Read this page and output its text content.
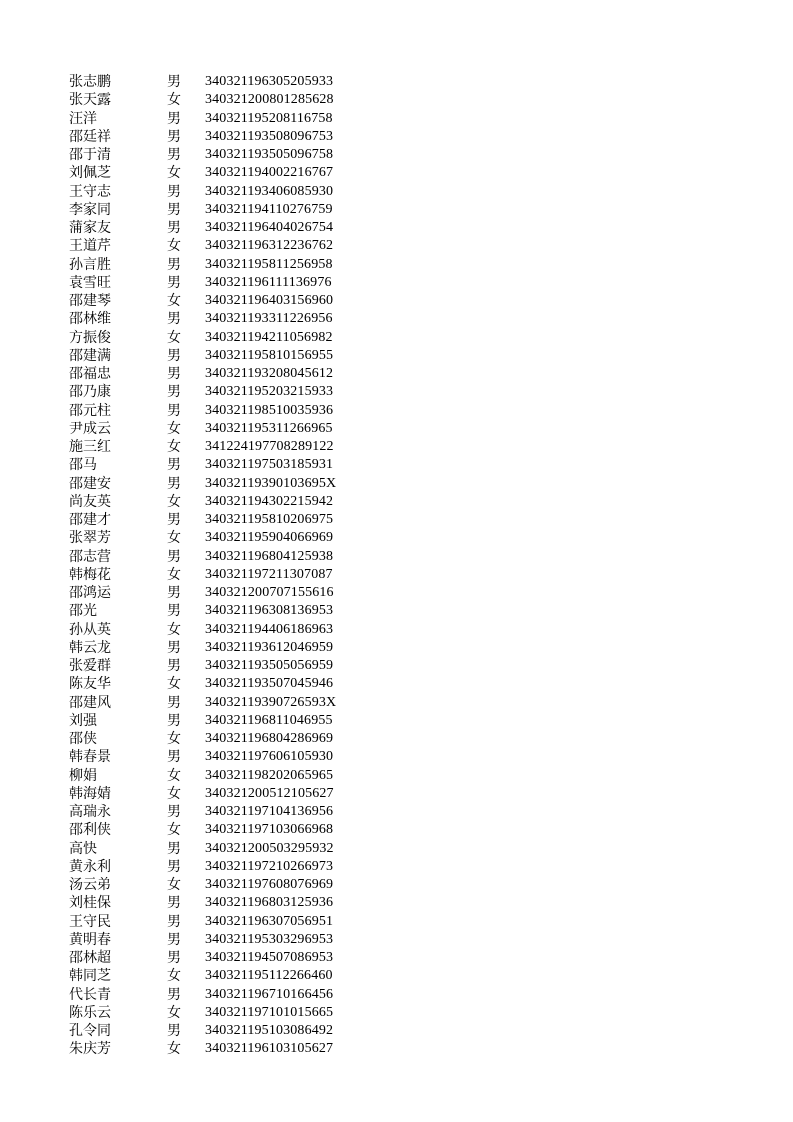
张志鹏	男 340321196305205933
张天露	女 340321200801285628
汪洋	男 340321195208116758
邵廷祥	男 340321193508096753
邵于清	男 340321193505096758
刘佩芝	女 340321194002216767
王守志	男 340321193406085930
李家同	男 340321194110276759
蒲家友	男 340321196404026754
王道芹	女 340321196312236762
孙言胜	男 340321195811256958
袁雪旺	男 340321196111136976
邵建琴	女 340321196403156960
邵林维	男 340321193311226956
方振俊	女 340321194211056982
邵建满	男 340321195810156955
邵福忠	男 340321193208045612
邵乃康	男 340321195203215933
邵元柱	男 340321198510035936
尹成云	女 340321195311266965
施三红	女 341224197708289122
邵马	男 340321197503185931
邵建安	男 34032119390103695X
尚友英	女 340321194302215942
邵建才	男 340321195810206975
张翠芳	女 340321195904066969
邵志营	男 340321196804125938
韩梅花	女 340321197211307087
邵鸿运	男 340321200707155616
邵光	男 340321196308136953
孙从英	女 340321194406186963
韩云龙	男 340321193612046959
张爱群	男 340321193505056959
陈友华	女 340321193507045946
邵建风	男 34032119390726593X
刘强	男 340321196811046955
邵侠	女 340321196804286969
韩春景	男 340321197606105930
柳娟	女 340321198202065965
韩海婧	女 340321200512105627
高瑞永	男 340321197104136956
邵利侠	女 340321197103066968
高快	男 340321200503295932
黄永利	男 340321197210266973
汤云弟	女 340321197608076969
刘桂保	男 340321196803125936
王守民	男 340321196307056951
黄明春	男 340321195303296953
邵林超	男 340321194507086953
韩同芝	女 340321195112266460
代长青	男 340321196710166456
陈乐云	女 340321197101015665
孔令同	男 340321195103086492
朱庆芳	女 340321196103105627
